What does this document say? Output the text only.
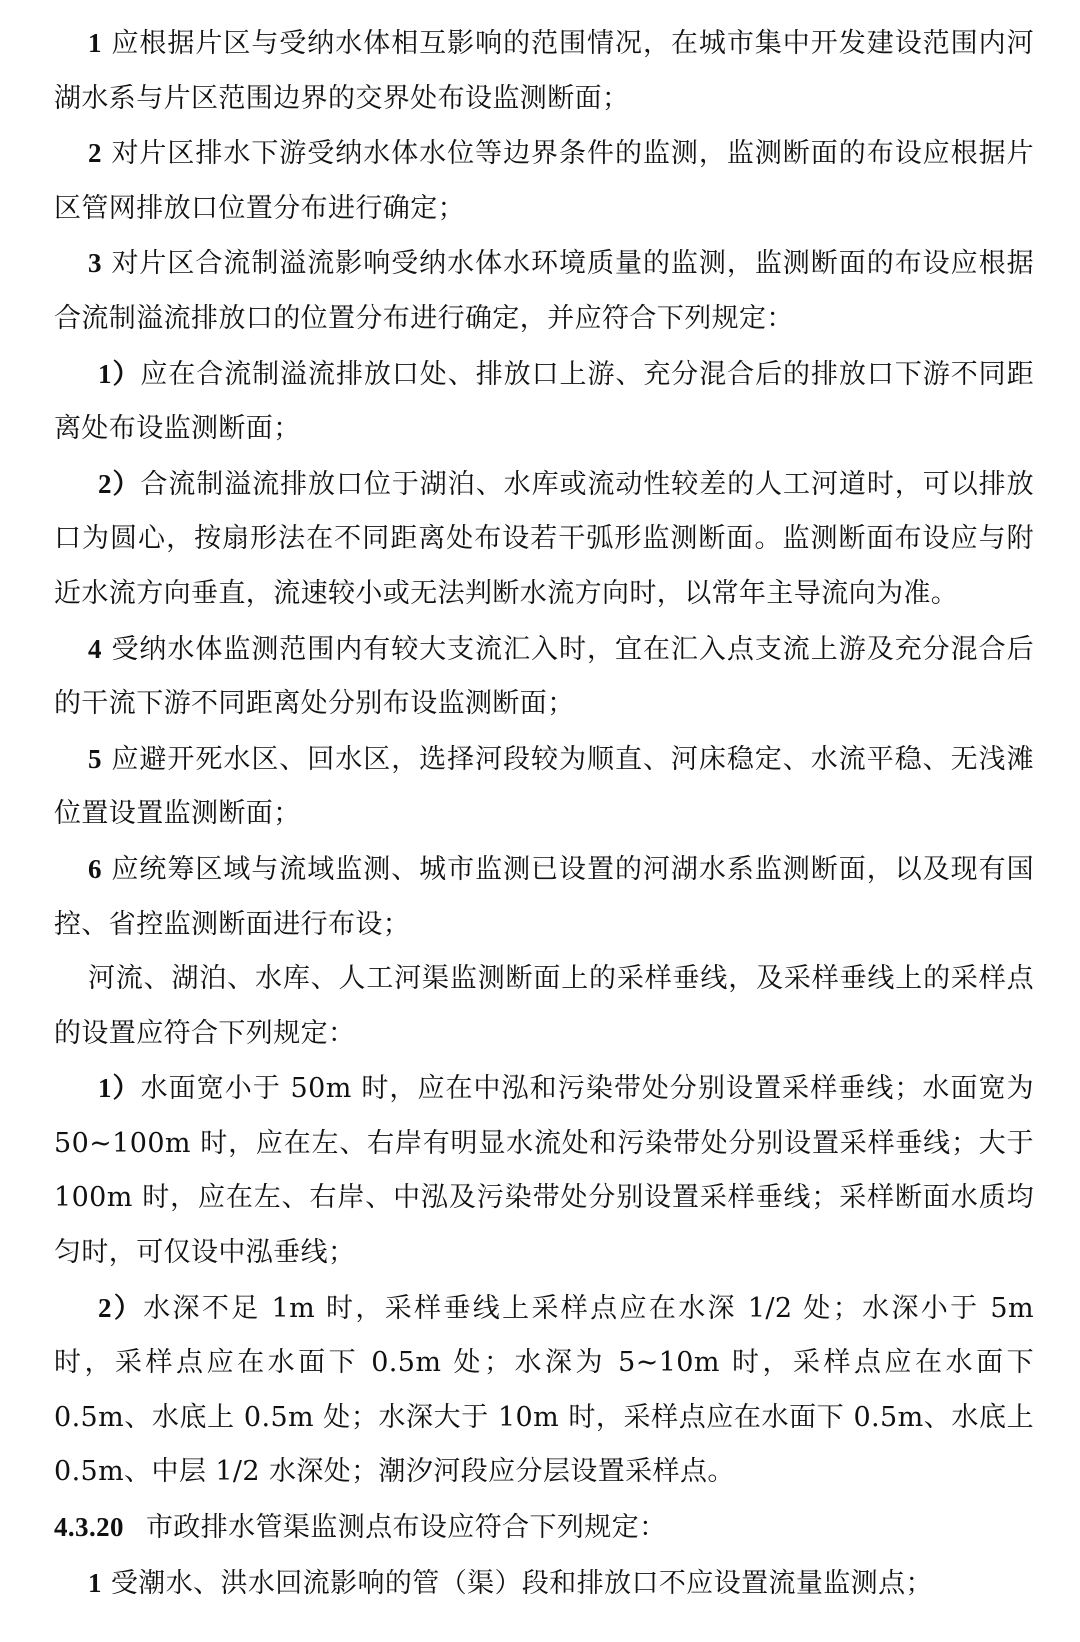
1 应根据片区与受纳水体相互影响的范围情况，在城市集中开发建设范围内河湖水系与片区范围边界的交界处布设监测断面；

2 对片区排水下游受纳水体水位等边界条件的监测，监测断面的布设应根据片区管网排放口位置分布进行确定；

3 对片区合流制溢流影响受纳水体水环境质量的监测，监测断面的布设应根据合流制溢流排放口的位置分布进行确定，并应符合下列规定：

1）应在合流制溢流排放口处、排放口上游、充分混合后的排放口下游不同距离处布设监测断面；

2）合流制溢流排放口位于湖泊、水库或流动性较差的人工河道时，可以排放口为圆心，按扇形法在不同距离处布设若干弧形监测断面。监测断面布设应与附近水流方向垂直，流速较小或无法判断水流方向时，以常年主导流向为准。

4 受纳水体监测范围内有较大支流汇入时，宜在汇入点支流上游及充分混合后的干流下游不同距离处分别布设监测断面；

5 应避开死水区、回水区，选择河段较为顺直、河床稳定、水流平稳、无浅滩位置设置监测断面；

6 应统筹区域与流域监测、城市监测已设置的河湖水系监测断面，以及现有国控、省控监测断面进行布设；

河流、湖泊、水库、人工河渠监测断面上的采样垂线，及采样垂线上的采样点的设置应符合下列规定：

1）水面宽小于 50m 时，应在中泓和污染带处分别设置采样垂线；水面宽为 50~100m 时，应在左、右岸有明显水流处和污染带处分别设置采样垂线；大于 100m 时，应在左、右岸、中泓及污染带处分别设置采样垂线；采样断面水质均匀时，可仅设中泓垂线；

2）水深不足 1m 时，采样垂线上采样点应在水深 1/2 处；水深小于 5m 时，采样点应在水面下 0.5m 处；水深为 5~10m 时，采样点应在水面下 0.5m、水底上 0.5m 处；水深大于 10m 时，采样点应在水面下 0.5m、水底上 0.5m、中层 1/2 水深处；潮汐河段应分层设置采样点。

4.3.20 市政排水管渠监测点布设应符合下列规定：

1 受潮水、洪水回流影响的管（渠）段和排放口不应设置流量监测点；
